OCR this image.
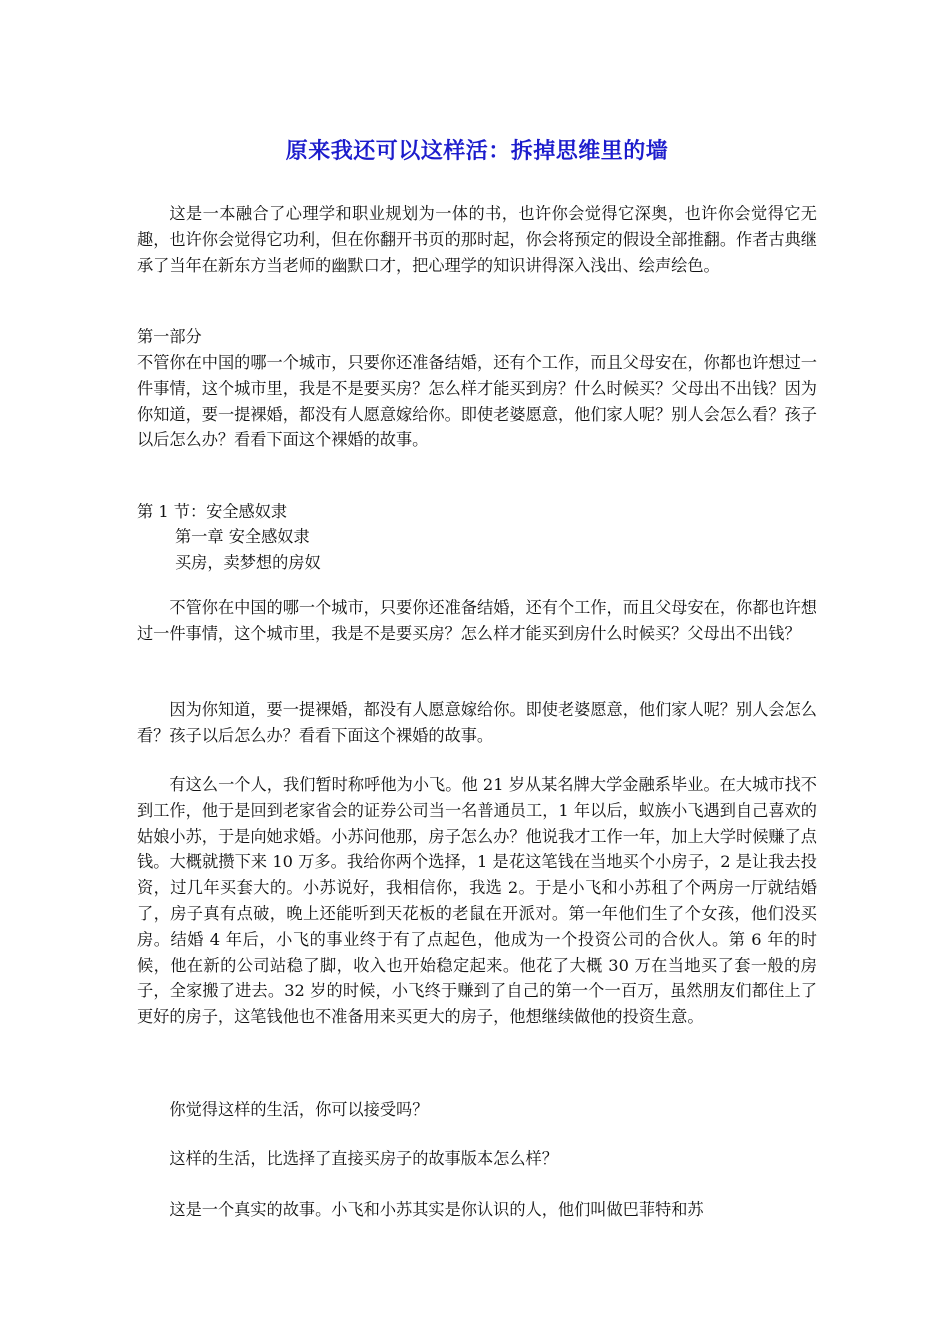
原来我还可以这样活：拆掉思维里的墙

这是一本融合了心理学和职业规划为一体的书，也许你会觉得它深奥，也许你会觉得它无趣，也许你会觉得它功利，但在你翻开书页的那时起，你会将预定的假设全部推翻。作者古典继承了当年在新东方当老师的幽默口才，把心理学的知识讲得深入浅出、绘声绘色。

第一部分

不管你在中国的哪一个城市，只要你还准备结婚，还有个工作，而且父母安在，你都也许想过一件事情，这个城市里，我是不是要买房？怎么样才能买到房？什么时候买？父母出不出钱？因为你知道，要一提裸婚，都没有人愿意嫁给你。即使老婆愿意，他们家人呢？别人会怎么看？孩子以后怎么办？看看下面这个裸婚的故事。

第 1 节：安全感奴隶
第一章 安全感奴隶
买房，卖梦想的房奴

不管你在中国的哪一个城市，只要你还准备结婚，还有个工作，而且父母安在，你都也许想过一件事情，这个城市里，我是不是要买房？怎么样才能买到房什么时候买？父母出不出钱？

因为你知道，要一提裸婚，都没有人愿意嫁给你。即使老婆愿意，他们家人呢？别人会怎么看？孩子以后怎么办？看看下面这个裸婚的故事。

有这么一个人，我们暂时称呼他为小飞。他 21 岁从某名牌大学金融系毕业。在大城市找不到工作，他于是回到老家省会的证券公司当一名普通员工，1 年以后，蚁族小飞遇到自己喜欢的姑娘小苏，于是向她求婚。小苏问他那，房子怎么办？他说我才工作一年，加上大学时候赚了点钱。大概就攒下来 10 万多。我给你两个选择，1 是花这笔钱在当地买个小房子，2 是让我去投资，过几年买套大的。小苏说好，我相信你，我选 2。于是小飞和小苏租了个两房一厅就结婚了，房子真有点破，晚上还能听到天花板的老鼠在开派对。第一年他们生了个女孩，他们没买房。结婚 4 年后，小飞的事业终于有了点起色，他成为一个投资公司的合伙人。第 6 年的时候，他在新的公司站稳了脚，收入也开始稳定起来。他花了大概 30 万在当地买了套一般的房子，全家搬了进去。32 岁的时候，小飞终于赚到了自己的第一个一百万，虽然朋友们都住上了更好的房子，这笔钱他也不准备用来买更大的房子，他想继续做他的投资生意。

你觉得这样的生活，你可以接受吗？

这样的生活，比选择了直接买房子的故事版本怎么样？

这是一个真实的故事。小飞和小苏其实是你认识的人，他们叫做巴菲特和苏
